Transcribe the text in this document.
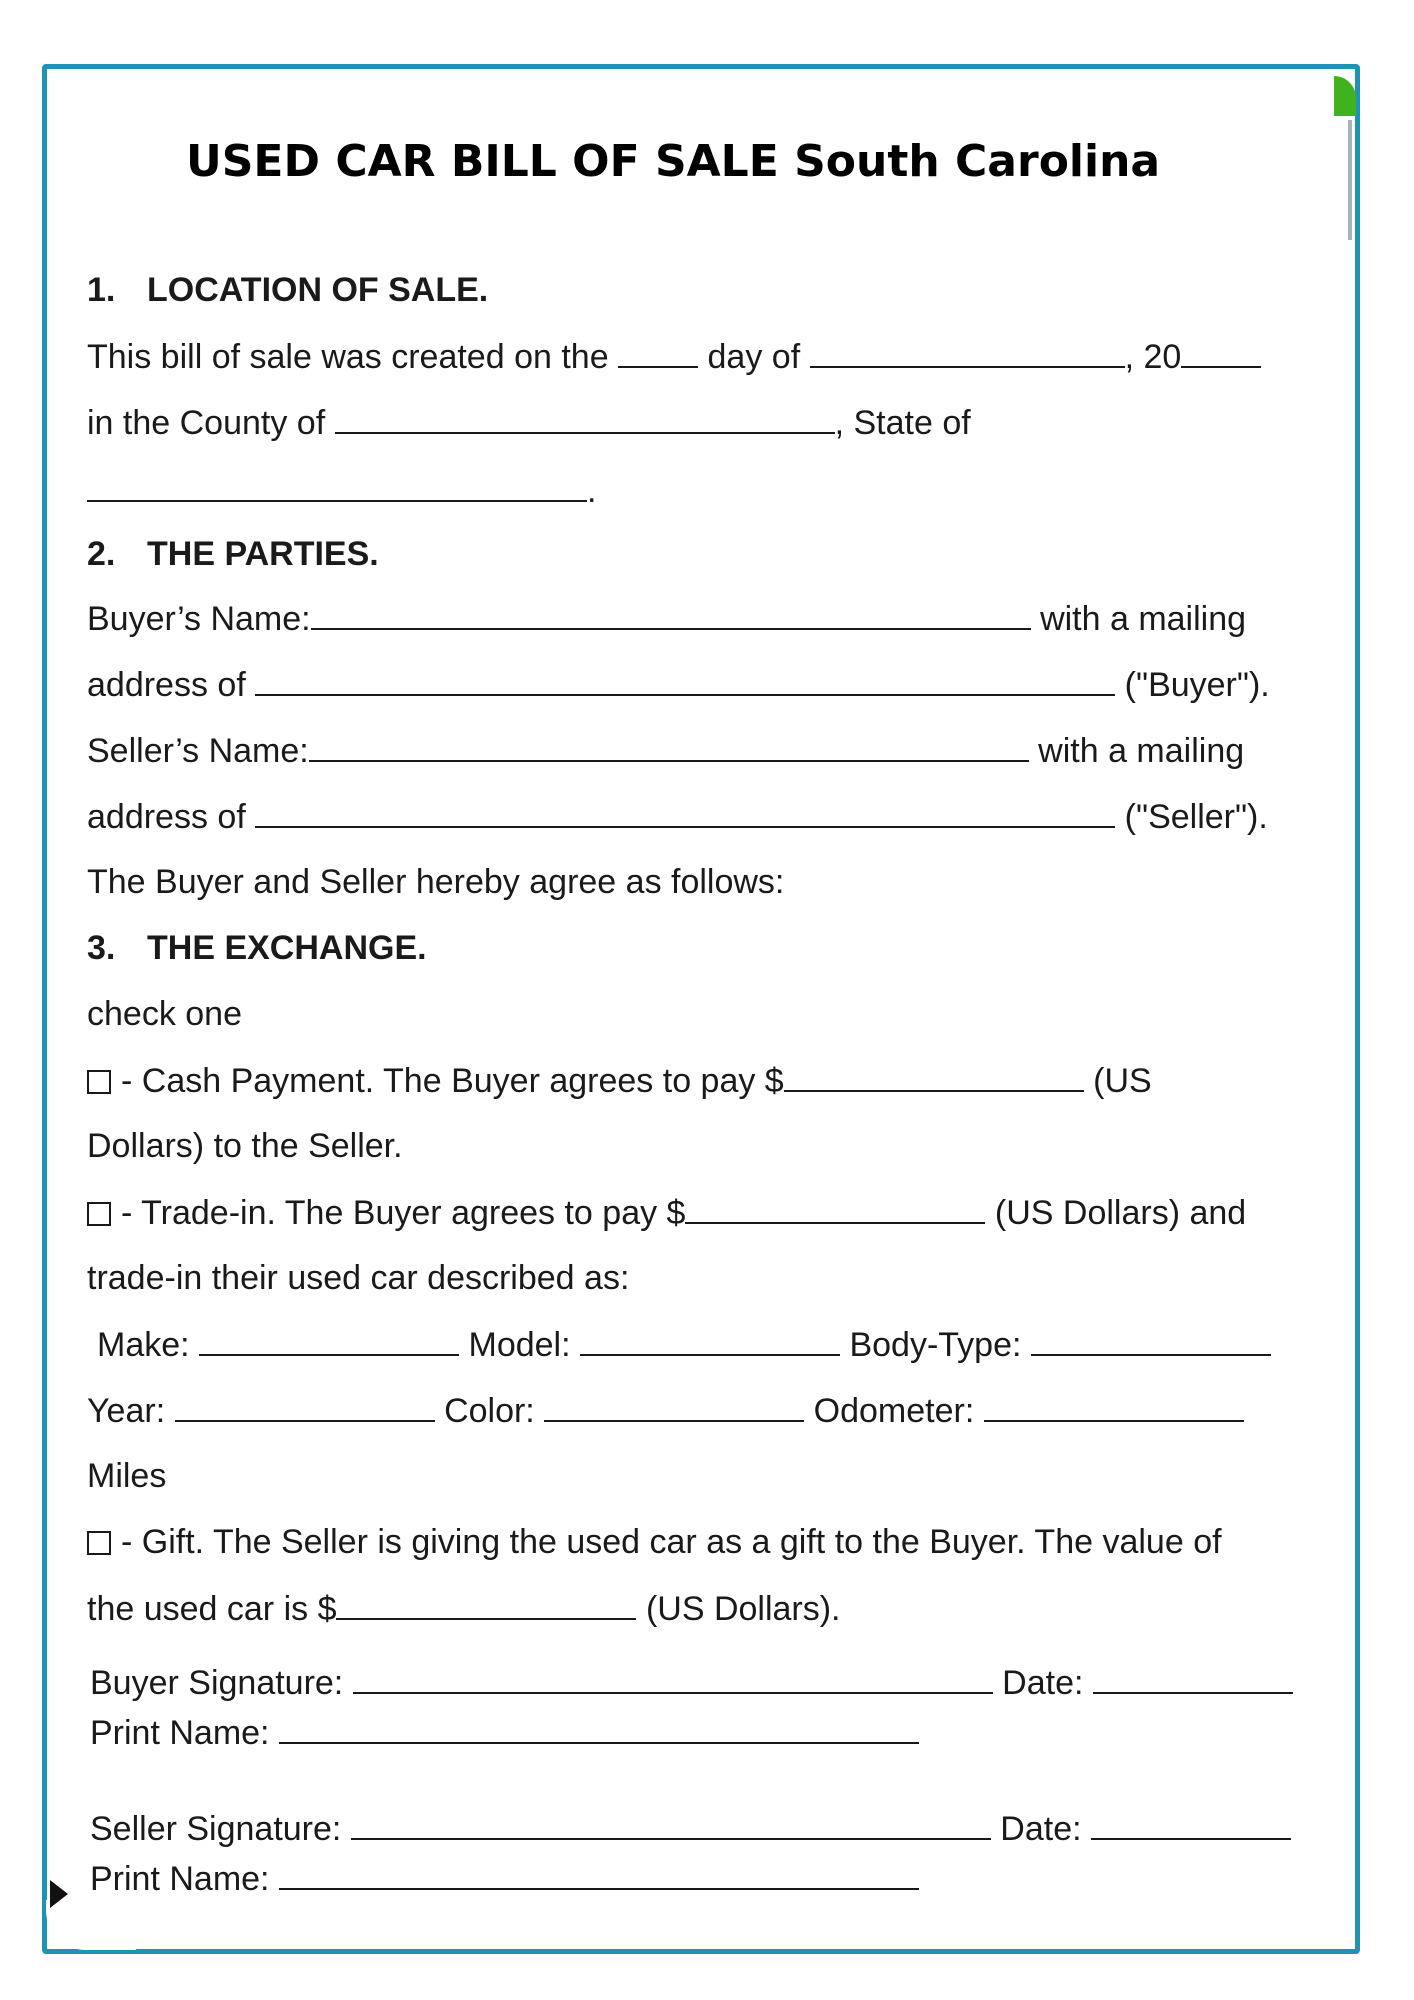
USED CAR BILL OF SALE South Carolina
1. LOCATION OF SALE.
This bill of sale was created on the	day of	, 20
in the County of	, State of
.
2. THE PARTIES.
Buyer’s Name:	with a mailing
address of	("Buyer").
Seller’s Name:	with a mailing
address of	("Seller").
The Buyer and Seller hereby agree as follows:
3. THE EXCHANGE.
check one
- Cash Payment. The Buyer agrees to pay $	(US
Dollars) to the Seller.
- Trade-in. The Buyer agrees to pay $	(US Dollars) and
trade-in their used car described as:
Make:	Model:	Body-Type:
Year:	Color:	Odometer:
Miles
- Gift. The Seller is giving the used car as a gift to the Buyer. The value of
the used car is $	(US Dollars).
Buyer Signature:	Date:
Print Name:
Seller Signature:	Date:
Print Name:
